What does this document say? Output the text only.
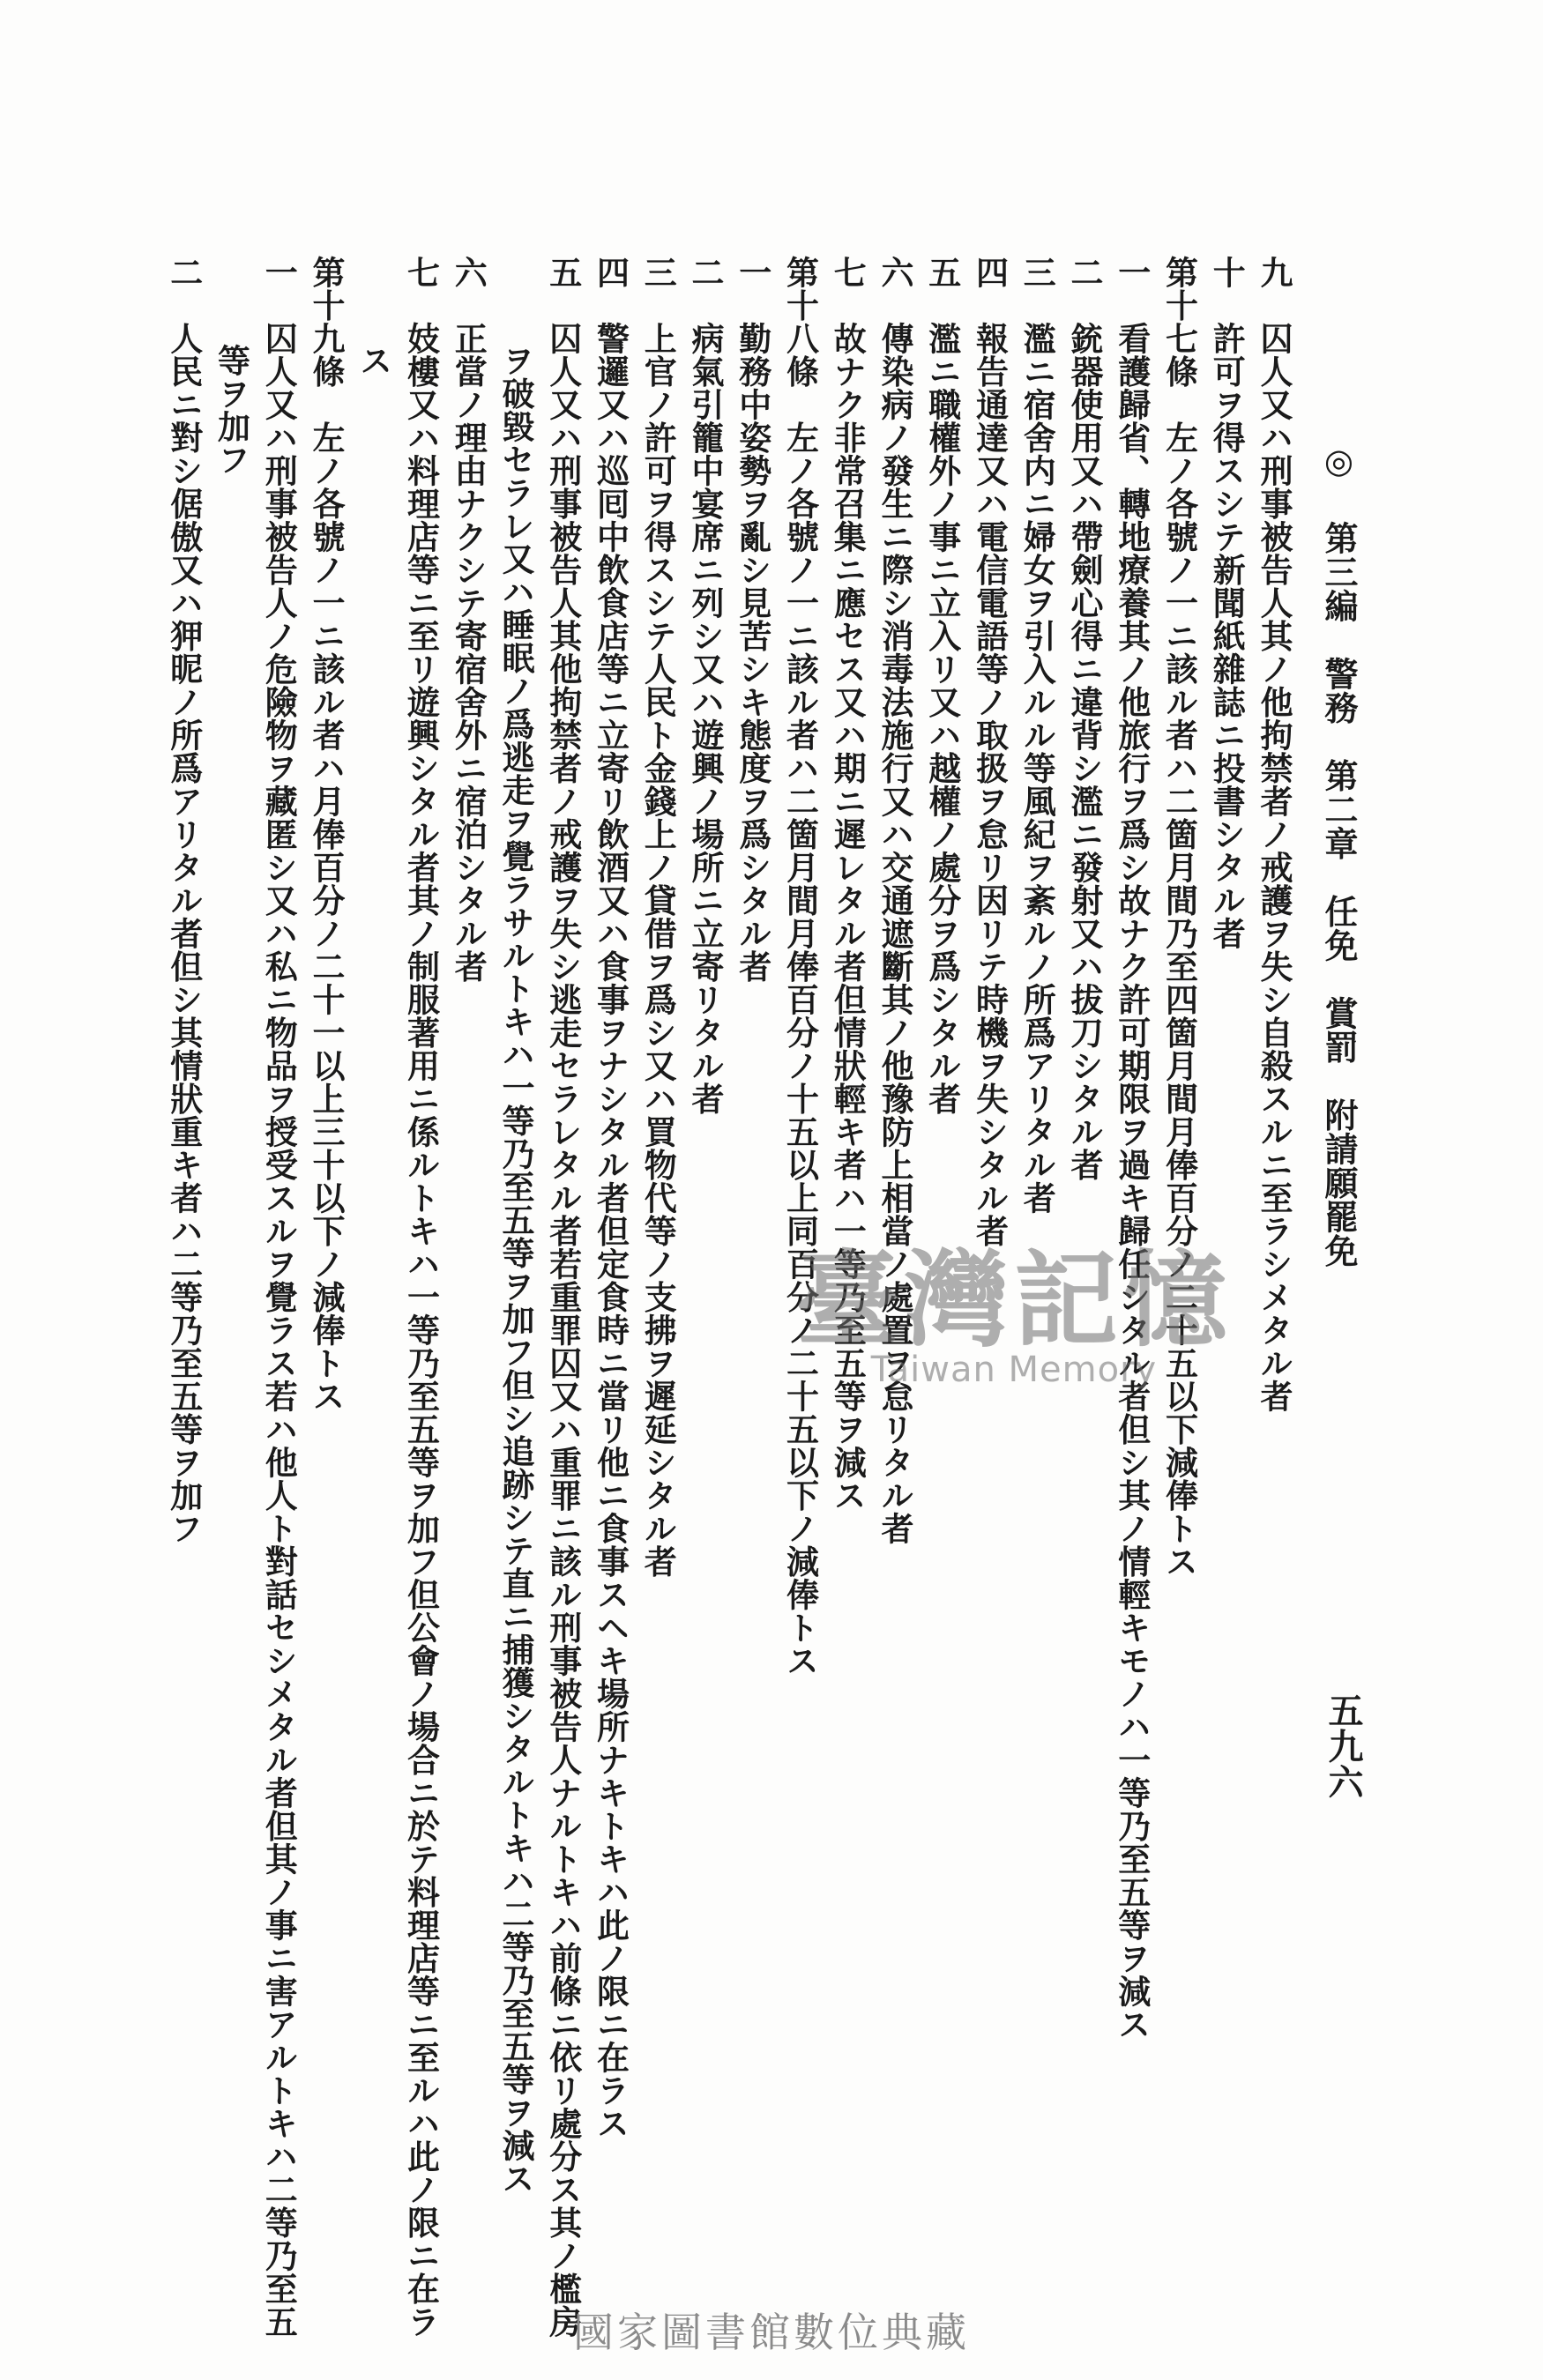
◎ 第三編　警務　第二章　任免　賞罰　附請願罷免
五九六
九　囚人又ハ刑事被告人其ノ他拘禁者ノ戒護ヲ失シ自殺スルニ至ラシメタル者
十　許可ヲ得スシテ新聞紙雜誌ニ投書シタル者
第十七條　左ノ各號ノ一ニ該ル者ハ二箇月間乃至四箇月間月俸百分ノ二十五以下減俸トス
一　看護歸省、轉地療養其ノ他旅行ヲ爲シ故ナク許可期限ヲ過キ歸任シタル者但シ其ノ情輕キモノハ一等乃至五等ヲ減ス
二　銃器使用又ハ帶劍心得ニ違背シ濫ニ發射又ハ拔刀シタル者
三　濫ニ宿舍内ニ婦女ヲ引入ルル等風紀ヲ紊ルノ所爲アリタル者
四　報告通達又ハ電信電語等ノ取扱ヲ怠リ因リテ時機ヲ失シタル者
五　濫ニ職權外ノ事ニ立入リ又ハ越權ノ處分ヲ爲シタル者
六　傳染病ノ發生ニ際シ消毒法施行又ハ交通遮斷其ノ他豫防上相當ノ處置ヲ怠リタル者
七　故ナク非常召集ニ應セス又ハ期ニ遲レタル者但情狀輕キ者ハ一等乃至五等ヲ減ス
第十八條　左ノ各號ノ一ニ該ル者ハ二箇月間月俸百分ノ十五以上同百分ノ二十五以下ノ減俸トス
一　勤務中姿勢ヲ亂シ見苦シキ態度ヲ爲シタル者
二　病氣引籠中宴席ニ列シ又ハ遊興ノ場所ニ立寄リタル者
三　上官ノ許可ヲ得スシテ人民ト金錢上ノ貸借ヲ爲シ又ハ買物代等ノ支拂ヲ遲延シタル者
四　警邏又ハ巡囘中飲食店等ニ立寄リ飲酒又ハ食事ヲナシタル者但定食時ニ當リ他ニ食事スヘキ場所ナキトキハ此ノ限ニ在ラス
五　囚人又ハ刑事被告人其他拘禁者ノ戒護ヲ失シ逃走セラレタル者若重罪囚又ハ重罪ニ該ル刑事被告人ナルトキハ前條ニ依リ處分ス其ノ檻房
ヲ破毀セラレ又ハ睡眠ノ爲逃走ヲ覺ラサルトキハ一等乃至五等ヲ加フ但シ追跡シテ直ニ捕獲シタルトキハ二等乃至五等ヲ減ス
六　正當ノ理由ナクシテ寄宿舍外ニ宿泊シタル者
七　妓樓又ハ料理店等ニ至リ遊興シタル者其ノ制服著用ニ係ルトキハ一等乃至五等ヲ加フ但公會ノ場合ニ於テ料理店等ニ至ルハ此ノ限ニ在ラ
ス
第十九條　左ノ各號ノ一ニ該ル者ハ月俸百分ノ二十一以上三十以下ノ減俸トス
一　囚人又ハ刑事被告人ノ危險物ヲ藏匿シ又ハ私ニ物品ヲ授受スルヲ覺ラス若ハ他人ト對話セシメタル者但其ノ事ニ害アルトキハ二等乃至五
等ヲ加フ
二　人民ニ對シ倨傲又ハ狎昵ノ所爲アリタル者但シ其情狀重キ者ハ二等乃至五等ヲ加フ	臺灣記憶
Taiwan Memory
國家圖書館數位典藏
